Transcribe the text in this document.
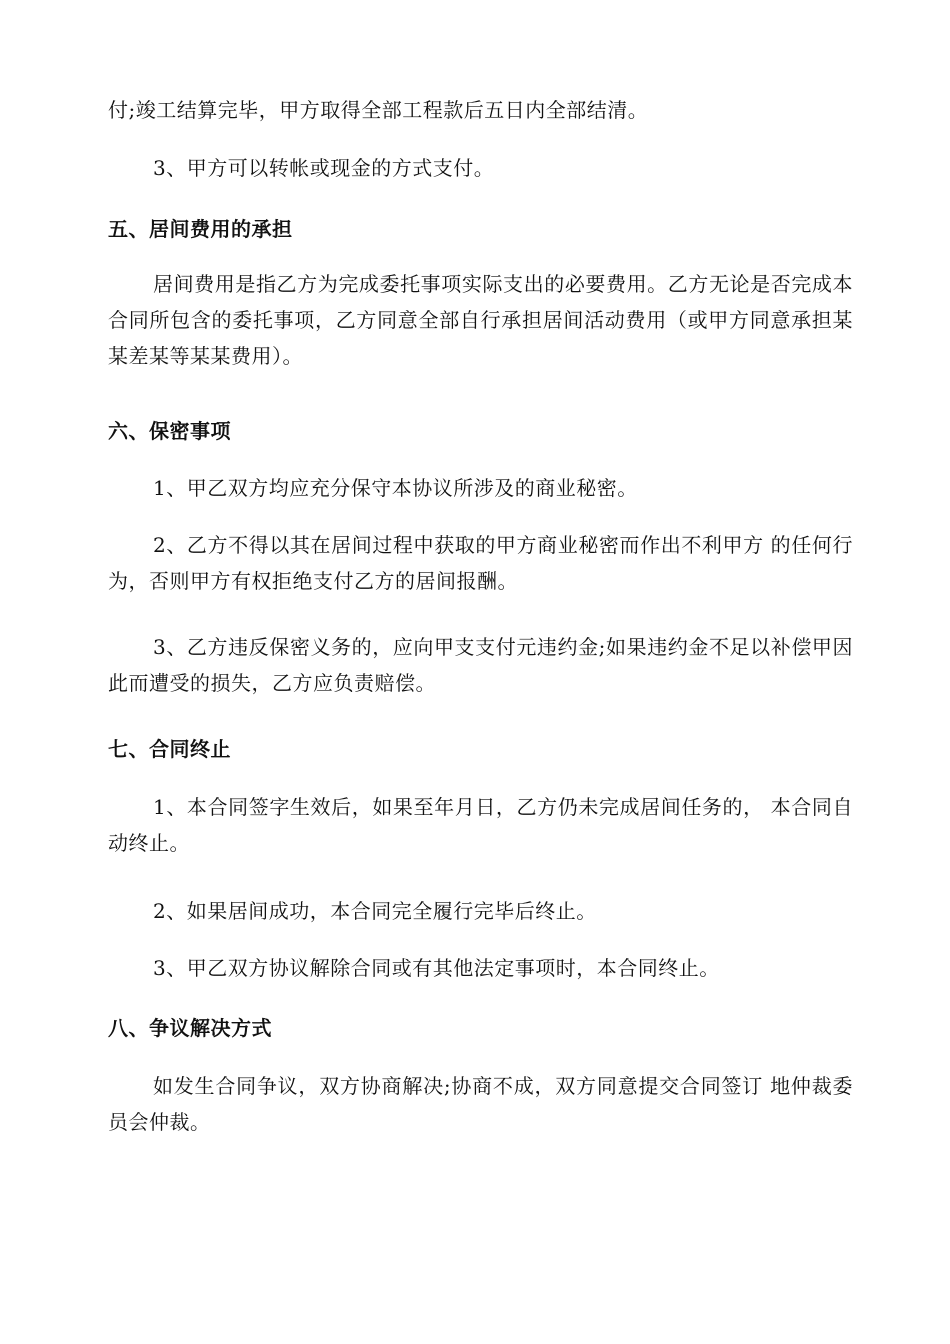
付;竣工结算完毕，甲方取得全部工程款后五日内全部结清。

3、甲方可以转帐或现金的方式支付。

五、居间费用的承担

居间费用是指乙方为完成委托事项实际支出的必要费用。乙方无论是否完成本合同所包含的委托事项，乙方同意全部自行承担居间活动费用（或甲方同意承担某某差某等某某费用）。

六、保密事项

1、甲乙双方均应充分保守本协议所涉及的商业秘密。

2、乙方不得以其在居间过程中获取的甲方商业秘密而作出不利甲方 的任何行为，否则甲方有权拒绝支付乙方的居间报酬。

3、乙方违反保密义务的，应向甲支支付元违约金;如果违约金不足以补偿甲因此而遭受的损失，乙方应负责赔偿。

七、合同终止

1、本合同签字生效后，如果至年月日，乙方仍未完成居间任务的， 本合同自动终止。

2、如果居间成功，本合同完全履行完毕后终止。

3、甲乙双方协议解除合同或有其他法定事项时，本合同终止。

八、争议解决方式

如发生合同争议，双方协商解决;协商不成，双方同意提交合同签订 地仲裁委员会仲裁。
